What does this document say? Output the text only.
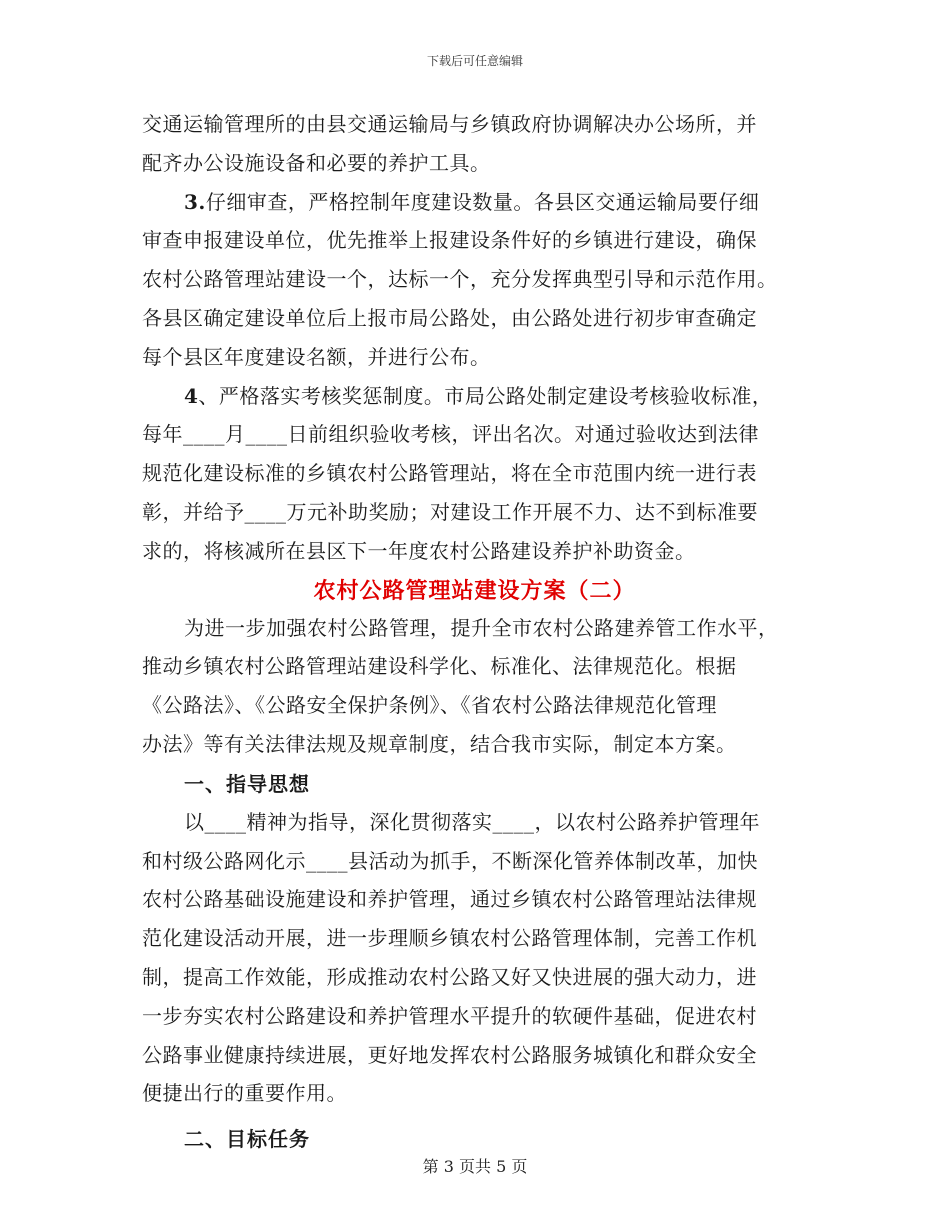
下载后可任意编辑
交通运输管理所的由县交通运输局与乡镇政府协调解决办公场所，并
配齐办公设施设备和必要的养护工具。
3.仔细审查，严格控制年度建设数量。各县区交通运输局要仔细
审查申报建设单位，优先推举上报建设条件好的乡镇进行建设，确保
农村公路管理站建设一个，达标一个，充分发挥典型引导和示范作用。
各县区确定建设单位后上报市局公路处，由公路处进行初步审查确定
每个县区年度建设名额，并进行公布。
4、严格落实考核奖惩制度。市局公路处制定建设考核验收标准，
每年____月____日前组织验收考核，评出名次。对通过验收达到法律
规范化建设标准的乡镇农村公路管理站，将在全市范围内统一进行表
彰，并给予____万元补助奖励；对建设工作开展不力、达不到标准要
求的，将核减所在县区下一年度农村公路建设养护补助资金。
农村公路管理站建设方案（二）
为进一步加强农村公路管理，提升全市农村公路建养管工作水平，
推动乡镇农村公路管理站建设科学化、标准化、法律规范化。根据
《公路法》、《公路安全保护条例》、《省农村公路法律规范化管理
办法》等有关法律法规及规章制度，结合我市实际，制定本方案。
一、指导思想
以____精神为指导，深化贯彻落实____，以农村公路养护管理年
和村级公路网化示____县活动为抓手，不断深化管养体制改革，加快
农村公路基础设施建设和养护管理，通过乡镇农村公路管理站法律规
范化建设活动开展，进一步理顺乡镇农村公路管理体制，完善工作机
制，提高工作效能，形成推动农村公路又好又快进展的强大动力，进
一步夯实农村公路建设和养护管理水平提升的软硬件基础，促进农村
公路事业健康持续进展，更好地发挥农村公路服务城镇化和群众安全
便捷出行的重要作用。
二、目标任务
第 3 页共 5 页
